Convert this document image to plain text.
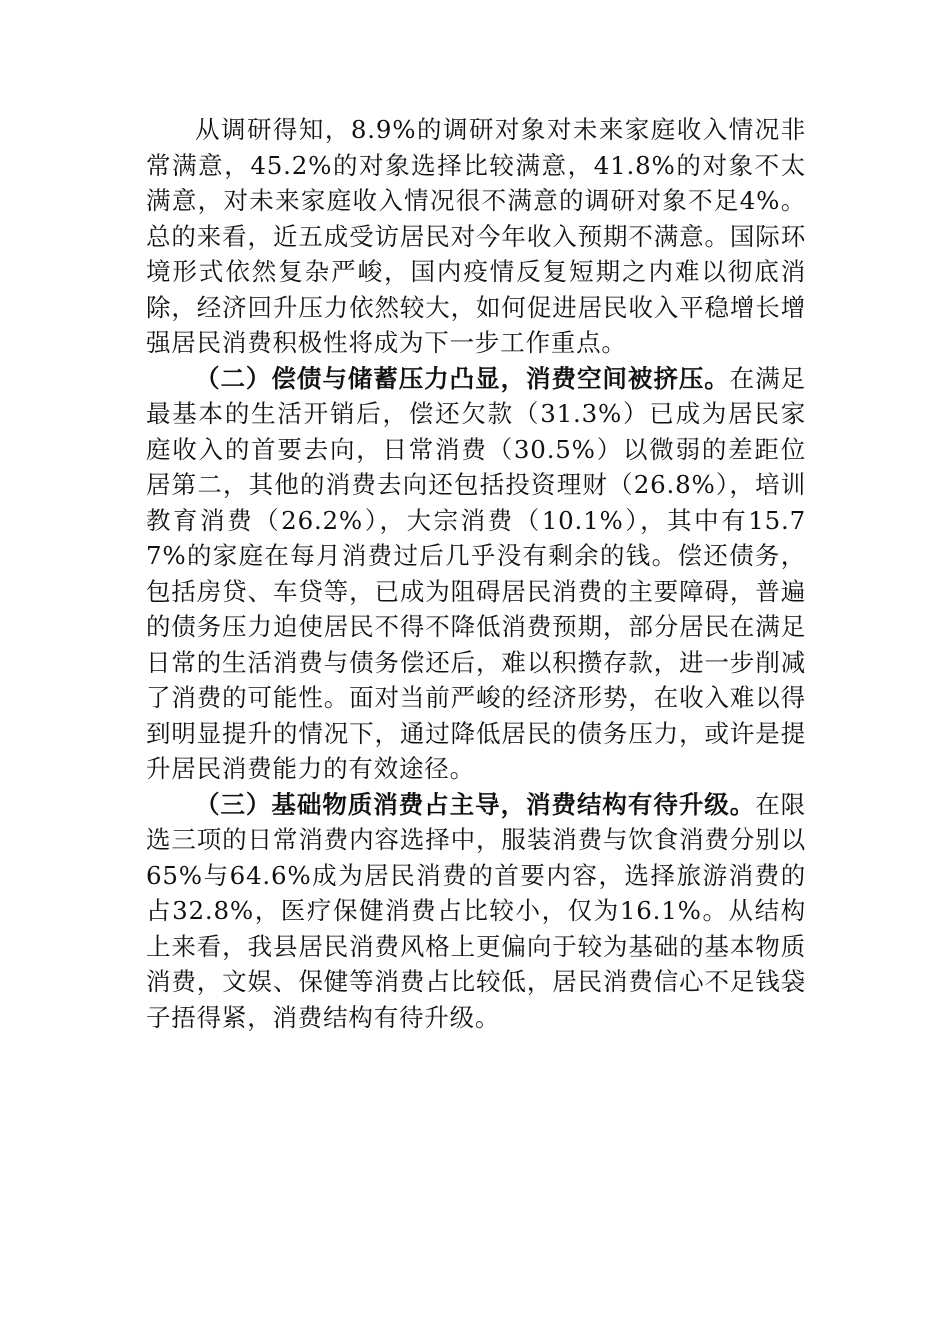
从调研得知，8.9%的调研对象对未来家庭收入情况非常满意，45.2%的对象选择比较满意，41.8%的对象不太满意，对未来家庭收入情况很不满意的调研对象不足4%。总的来看，近五成受访居民对今年收入预期不满意。国际环境形式依然复杂严峻，国内疫情反复短期之内难以彻底消除，经济回升压力依然较大，如何促进居民收入平稳增长增强居民消费积极性将成为下一步工作重点。

（二）偿债与储蓄压力凸显，消费空间被挤压。在满足最基本的生活开销后，偿还欠款（31.3%）已成为居民家庭收入的首要去向，日常消费（30.5%）以微弱的差距位居第二，其他的消费去向还包括投资理财（26.8%），培训教育消费（26.2%），大宗消费（10.1%），其中有15.77%的家庭在每月消费过后几乎没有剩余的钱。偿还债务，包括房贷、车贷等，已成为阻碍居民消费的主要障碍，普遍的债务压力迫使居民不得不降低消费预期，部分居民在满足日常的生活消费与债务偿还后，难以积攒存款，进一步削减了消费的可能性。面对当前严峻的经济形势，在收入难以得到明显提升的情况下，通过降低居民的债务压力，或许是提升居民消费能力的有效途径。

（三）基础物质消费占主导，消费结构有待升级。在限选三项的日常消费内容选择中，服装消费与饮食消费分别以65%与64.6%成为居民消费的首要内容，选择旅游消费的占32.8%，医疗保健消费占比较小，仅为16.1%。从结构上来看，我县居民消费风格上更偏向于较为基础的基本物质消费，文娱、保健等消费占比较低，居民消费信心不足钱袋子捂得紧，消费结构有待升级。
